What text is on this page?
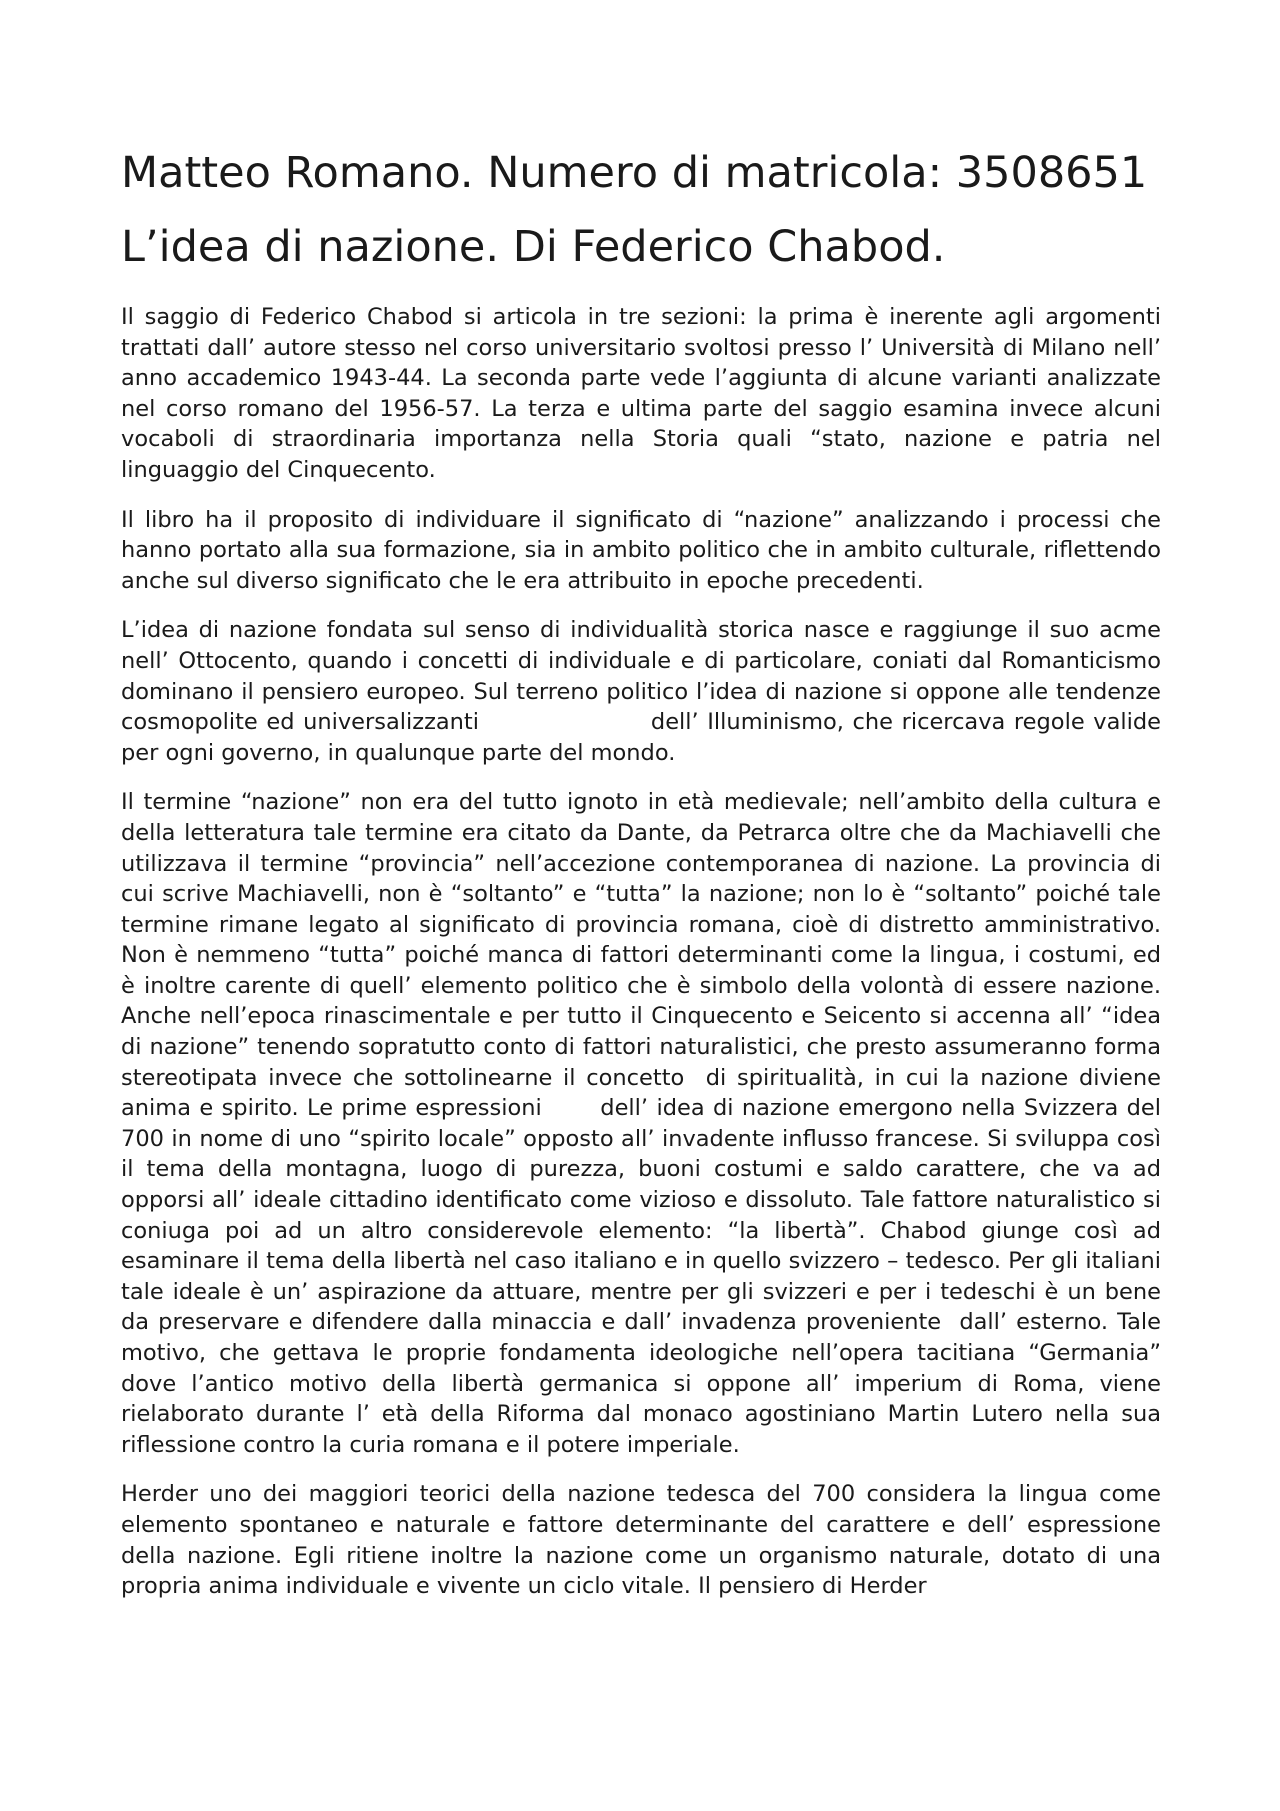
Matteo Romano. Numero di matricola: 3508651
L’idea di nazione. Di Federico Chabod.

Il saggio di Federico Chabod si articola in tre sezioni: la prima è inerente agli argomenti trattati dall’ autore stesso nel corso universitario svoltosi presso l’ Università di Milano nell’ anno accademico 1943-44. La seconda parte vede l’aggiunta di alcune varianti analizzate nel corso romano del 1956-57. La terza e ultima parte del saggio esamina invece alcuni vocaboli di straordinaria importanza nella Storia quali “stato, nazione e patria nel linguaggio del Cinquecento.

Il libro ha il proposito di individuare il significato di “nazione” analizzando i processi che hanno portato alla sua formazione, sia in ambito politico che in ambito culturale, riflettendo anche sul diverso significato che le era attribuito in epoche precedenti.

L’idea di nazione fondata sul senso di individualità storica nasce e raggiunge il suo acme nell’ Ottocento, quando i concetti di individuale e di particolare, coniati dal Romanticismo dominano il pensiero europeo. Sul terreno politico l’idea di nazione si oppone alle tendenze cosmopolite ed universalizzanti                    dell’ Illuminismo, che ricercava regole valide per ogni governo, in qualunque parte del mondo.

Il termine “nazione” non era del tutto ignoto in età medievale; nell’ambito della cultura e della letteratura tale termine era citato da Dante, da Petrarca oltre che da Machiavelli che utilizzava il termine “provincia” nell’accezione contemporanea di nazione. La provincia di cui scrive Machiavelli, non è “soltanto” e “tutta” la nazione; non lo è “soltanto” poiché tale termine rimane legato al significato di provincia romana, cioè di distretto amministrativo. Non è nemmeno “tutta” poiché manca di fattori determinanti come la lingua, i costumi, ed è inoltre carente di quell’ elemento politico che è simbolo della volontà di essere nazione.   Anche nell’epoca rinascimentale e per tutto il Cinquecento e Seicento si accenna all’ “idea di nazione” tenendo sopratutto conto di fattori naturalistici, che presto assumeranno forma stereotipata invece che sottolinearne il concetto  di spiritualità, in cui la nazione diviene anima e spirito. Le prime espressioni       dell’ idea di nazione emergono nella Svizzera del 700 in nome di uno “spirito locale” opposto all’ invadente influsso francese. Si sviluppa così il tema della montagna, luogo di purezza, buoni costumi e saldo carattere, che va ad opporsi all’ ideale cittadino identificato come vizioso e dissoluto. Tale fattore naturalistico si coniuga poi ad un altro considerevole elemento: “la libertà”. Chabod giunge così ad esaminare il tema della libertà nel caso italiano e in quello svizzero – tedesco. Per gli italiani tale ideale è un’ aspirazione da attuare, mentre per gli svizzeri e per i tedeschi è un bene da preservare e difendere dalla minaccia e dall’ invadenza proveniente  dall’ esterno. Tale motivo, che gettava le proprie fondamenta ideologiche nell’opera tacitiana “Germania” dove l’antico motivo della libertà germanica si oppone all’ imperium di Roma, viene rielaborato durante l’ età della Riforma dal monaco agostiniano Martin Lutero nella sua riflessione contro la curia romana e il potere imperiale.

Herder uno dei maggiori teorici della nazione tedesca del 700 considera la lingua come elemento spontaneo e naturale e fattore determinante del carattere e dell’ espressione della nazione. Egli ritiene inoltre la nazione come un organismo naturale, dotato di una propria anima individuale e vivente un ciclo vitale. Il pensiero di Herder
